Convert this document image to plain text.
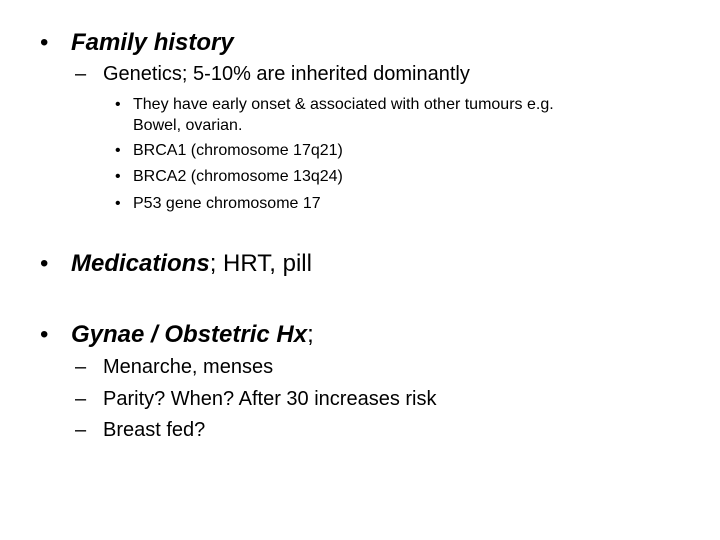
• Family history
– Genetics; 5-10% are inherited dominantly
• They have early onset & associated with other tumours e.g.
Bowel, ovarian.
• BRCA1 (chromosome 17q21)
• BRCA2 (chromosome 13q24)
• P53 gene chromosome 17
• Medications; HRT, pill
• Gynae / Obstetric Hx;
– Menarche, menses
– Parity? When? After 30 increases risk
– Breast fed?
